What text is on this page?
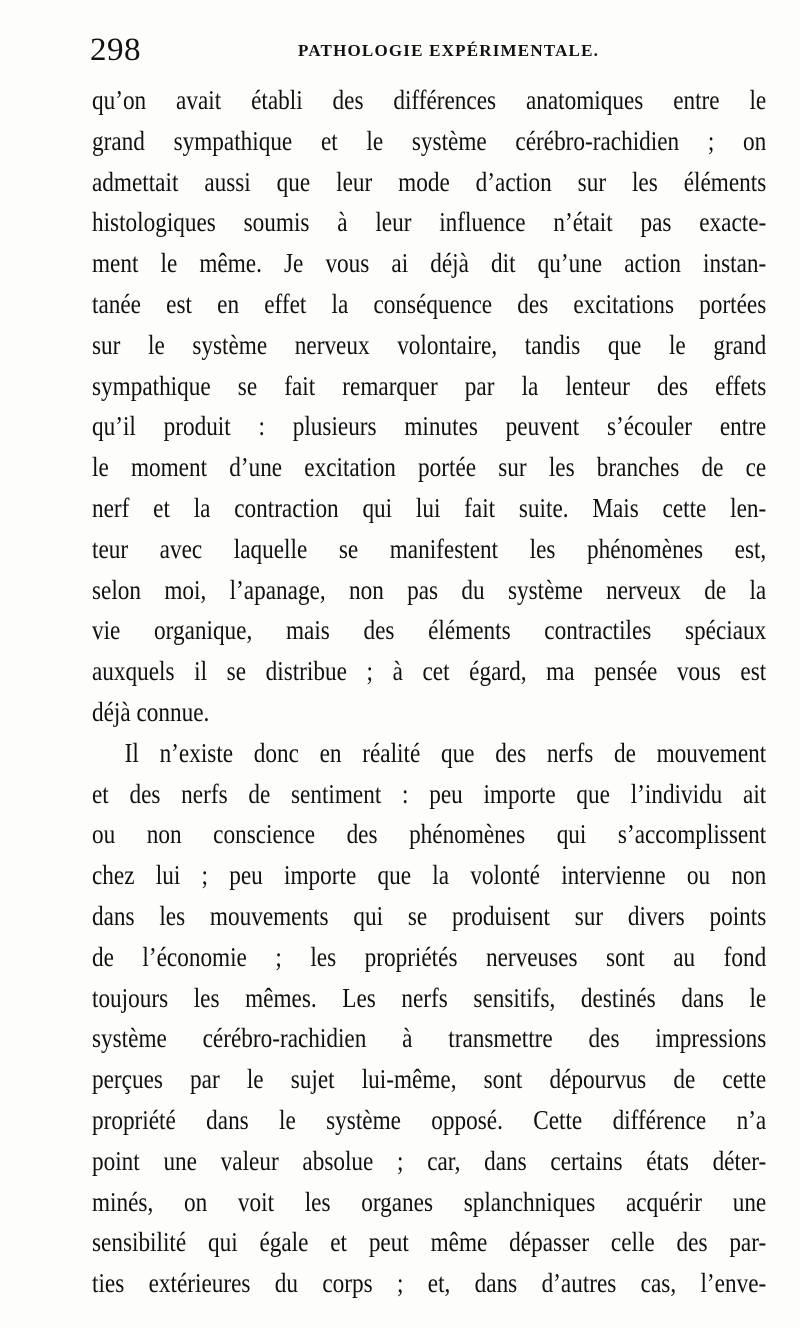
298	PATHOLOGIE EXPÉRIMENTALE.
qu’on avait établi des différences anatomiques entre le
grand sympathique et le système cérébro-rachidien ; on
admettait aussi que leur mode d’action sur les éléments
histologiques soumis à leur influence n’était pas exacte-
ment le même. Je vous ai déjà dit qu’une action instan-
tanée est en effet la conséquence des excitations portées
sur le système nerveux volontaire, tandis que le grand
sympathique se fait remarquer par la lenteur des effets
qu’il produit : plusieurs minutes peuvent s’écouler entre
le moment d’une excitation portée sur les branches de ce
nerf et la contraction qui lui fait suite. Mais cette len-
teur avec laquelle se manifestent les phénomènes est,
selon moi, l’apanage, non pas du système nerveux de la
vie organique, mais des éléments contractiles spéciaux
auxquels il se distribue ; à cet égard, ma pensée vous est
déjà connue.
Il n’existe donc en réalité que des nerfs de mouvement
et des nerfs de sentiment : peu importe que l’individu ait
ou non conscience des phénomènes qui s’accomplissent
chez lui ; peu importe que la volonté intervienne ou non
dans les mouvements qui se produisent sur divers points
de l’économie ; les propriétés nerveuses sont au fond
toujours les mêmes. Les nerfs sensitifs, destinés dans le
système cérébro-rachidien à transmettre des impressions
perçues par le sujet lui-même, sont dépourvus de cette
propriété dans le système opposé. Cette différence n’a
point une valeur absolue ; car, dans certains états déter-
minés, on voit les organes splanchniques acquérir une
sensibilité qui égale et peut même dépasser celle des par-
ties extérieures du corps ; et, dans d’autres cas, l’enve-
